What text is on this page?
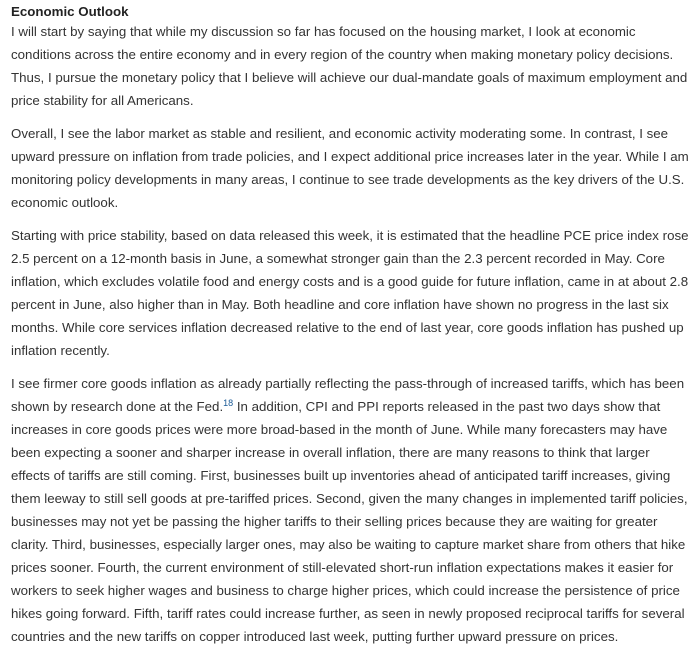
Economic Outlook

I will start by saying that while my discussion so far has focused on the housing market, I look at economic conditions across the entire economy and in every region of the country when making monetary policy decisions. Thus, I pursue the monetary policy that I believe will achieve our dual-mandate goals of maximum employment and price stability for all Americans.

Overall, I see the labor market as stable and resilient, and economic activity moderating some. In contrast, I see upward pressure on inflation from trade policies, and I expect additional price increases later in the year. While I am monitoring policy developments in many areas, I continue to see trade developments as the key drivers of the U.S. economic outlook.

Starting with price stability, based on data released this week, it is estimated that the headline PCE price index rose 2.5 percent on a 12-month basis in June, a somewhat stronger gain than the 2.3 percent recorded in May. Core inflation, which excludes volatile food and energy costs and is a good guide for future inflation, came in at about 2.8 percent in June, also higher than in May. Both headline and core inflation have shown no progress in the last six months. While core services inflation decreased relative to the end of last year, core goods inflation has pushed up inflation recently.

I see firmer core goods inflation as already partially reflecting the pass-through of increased tariffs, which has been shown by research done at the Fed.$^{18}$ In addition, CPI and PPI reports released in the past two days show that increases in core goods prices were more broad-based in the month of June. While many forecasters may have been expecting a sooner and sharper increase in overall inflation, there are many reasons to think that larger effects of tariffs are still coming. First, businesses built up inventories ahead of anticipated tariff increases, giving them leeway to still sell goods at pre-tariffed prices. Second, given the many changes in implemented tariff policies, businesses may not yet be passing the higher tariffs to their selling prices because they are waiting for greater clarity. Third, businesses, especially larger ones, may also be waiting to capture market share from others that hike prices sooner. Fourth, the current environment of still-elevated short-run inflation expectations makes it easier for workers to seek higher wages and business to charge higher prices, which could increase the persistence of price hikes going forward. Fifth, tariff rates could increase further, as seen in newly proposed reciprocal tariffs for several countries and the new tariffs on copper introduced last week, putting further upward pressure on prices.
